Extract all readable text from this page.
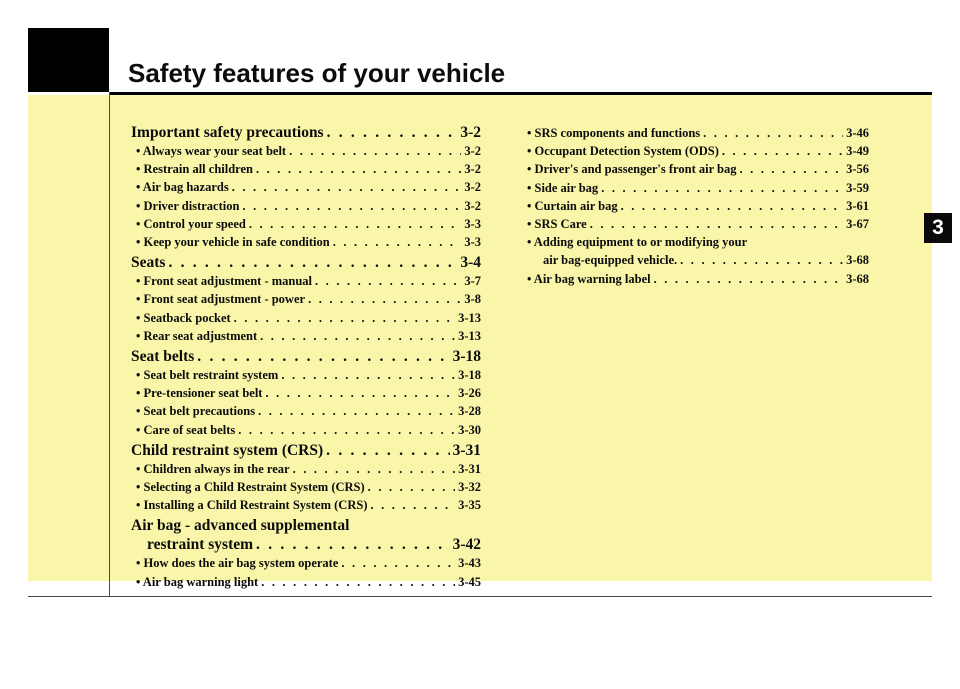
Safety features of your vehicle
3
Important safety precautions . . .	3-2
• Always wear your seat belt . . .	3-2
• Restrain all children . . .	3-2
• Air bag hazards . . .	3-2
• Driver distraction . . .	3-2
• Control your speed . . .	3-3
• Keep your vehicle in safe condition . . .	3-3
Seats . . .	3-4
• Front seat adjustment - manual . . .	3-7
• Front seat adjustment - power . . .	3-8
• Seatback pocket . . .	3-13
• Rear seat adjustment . . .	3-13
Seat belts . . .	3-18
• Seat belt restraint system . . .	3-18
• Pre-tensioner seat belt . . .	3-26
• Seat belt precautions . . .	3-28
• Care of seat belts . . .	3-30
Child restraint system (CRS) . . .	3-31
• Children always in the rear . . .	3-31
• Selecting a Child Restraint System (CRS) . . .	3-32
• Installing a Child Restraint System (CRS) . . .	3-35
Air bag - advanced supplemental
restraint system . . .	3-42
• How does the air bag system operate . . .	3-43
• Air bag warning light . . .	3-45
• SRS components and functions . . .	3-46
• Occupant Detection System (ODS) . . .	3-49
• Driver's and passenger's front air bag . . .	3-56
• Side air bag . . .	3-59
• Curtain air bag . . .	3-61
• SRS Care . . .	3-67
• Adding equipment to or modifying your
air bag-equipped vehicle. . . .	3-68
• Air bag warning label . . .	3-68
